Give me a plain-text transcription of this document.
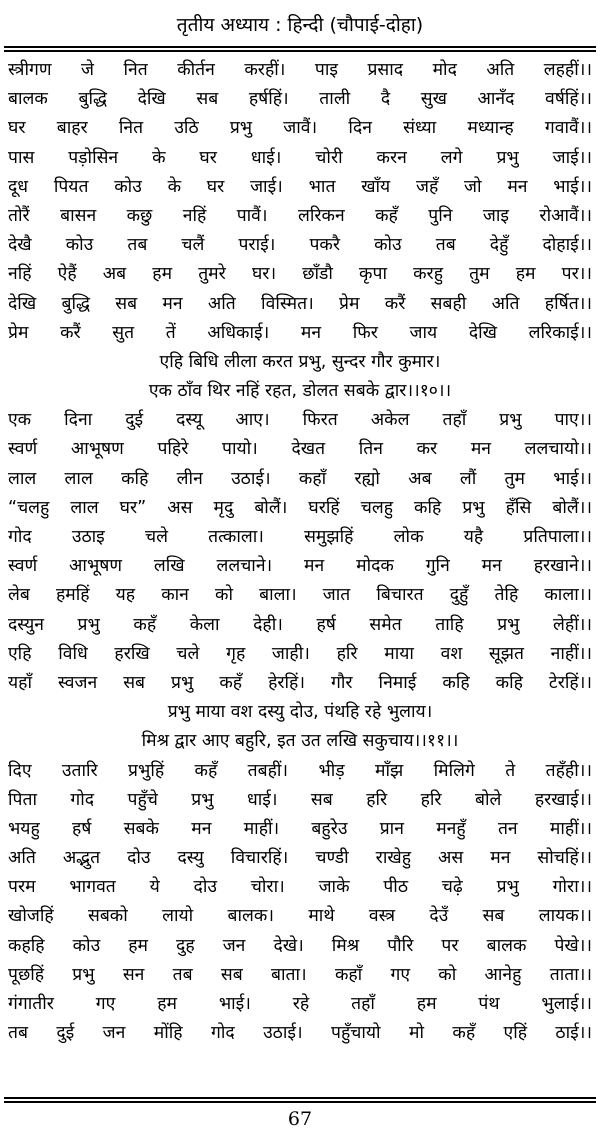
तृतीय अध्याय : हिन्दी (चौपाई-दोहा)
स्त्रीगण जे नित कीर्तन करहीं। पाइ प्रसाद मोद अति लहहीं।।
बालक बुद्धि देखि सब हर्षहिं। ताली दै सुख आनँद वर्षहिं।।
घर बाहर नित उठि प्रभु जावैं। दिन संध्या मध्यान्ह गवावैं।।
पास पड़ोसिन के घर धाई। चोरी करन लगे प्रभु जाई।।
दूध पियत कोउ के घर जाई। भात खाँय जहँ जो मन भाई।।
तोरैं बासन कछु नहिं पावैं। लरिकन कहँ पुनि जाइ रोआवैं।।
देखै कोउ तब चलैं पराई। पकरै कोउ तब देहुँ दोहाई।।
नहिं ऐहैं अब हम तुमरे घर। छाँडौ कृपा करहु तुम हम पर।।
देखि बुद्धि सब मन अति विस्मित। प्रेम करैं सबही अति हर्षित।।
प्रेम करैं सुत तें अधिकाई। मन फिर जाय देखि लरिकाई।।
एहि बिधि लीला करत प्रभु, सुन्दर गौर कुमार।
एक ठाँव थिर नहिं रहत, डोलत सबके द्वार।।१०।।
एक दिना दुई दस्यू आए। फिरत अकेल तहाँ प्रभु पाए।।
स्वर्ण आभूषण पहिरे पायो। देखत तिन कर मन ललचायो।।
लाल लाल कहि लीन उठाई। कहाँ रह्यो अब लौं तुम भाई।।
“चलहु लाल घर” अस मृदु बोलैं। घरहिं चलहु कहि प्रभु हँसि बोलैं।।
गोद उठाइ चले तत्काला। समुझहिं लोक यहै प्रतिपाला।।
स्वर्ण आभूषण लखि ललचाने। मन मोदक गुनि मन हरखाने।।
लेब हमहिं यह कान को बाला। जात बिचारत दुहुँ तेहि काला।।
दस्युन प्रभु कहँ केला देही। हर्ष समेत ताहि प्रभु लेहीं।।
एहि विधि हरखि चले गृह जाही। हरि माया वश सूझत नाहीं।।
यहाँ स्वजन सब प्रभु कहँ हेरहिं। गौर निमाई कहि कहि टेरहिं।।
प्रभु माया वश दस्यु दोउ, पंथहि रहे भुलाय।
मिश्र द्वार आए बहुरि, इत उत लखि सकुचाय।।११।।
दिए उतारि प्रभुहिं कहँ तबहीं। भीड़ माँझ मिलिगे ते तहँही।।
पिता गोद पहुँचे प्रभु धाई। सब हरि हरि बोले हरखाई।।
भयहु हर्ष सबके मन माहीं। बहुरेउ प्रान मनहुँ तन माहीं।।
अति अद्भुत दोउ दस्यु विचारहिं। चण्डी राखेहु अस मन सोचहिं।।
परम भागवत ये दोउ चोरा। जाके पीठ चढ़े प्रभु गोरा।।
खोजहिं सबको लायो बालक। माथे वस्त्र देउँ सब लायक।।
कहहि कोउ हम दुह जन देखे। मिश्र पौरि पर बालक पेखे।।
पूछहिं प्रभु सन तब सब बाता। कहाँ गए को आनेहु ताता।।
गंगातीर गए हम भाई। रहे तहाँ हम पंथ भुलाई।।
तब दुई जन मोंहि गोद उठाई। पहुँचायो मो कहँ एहिं ठाई।।
67
